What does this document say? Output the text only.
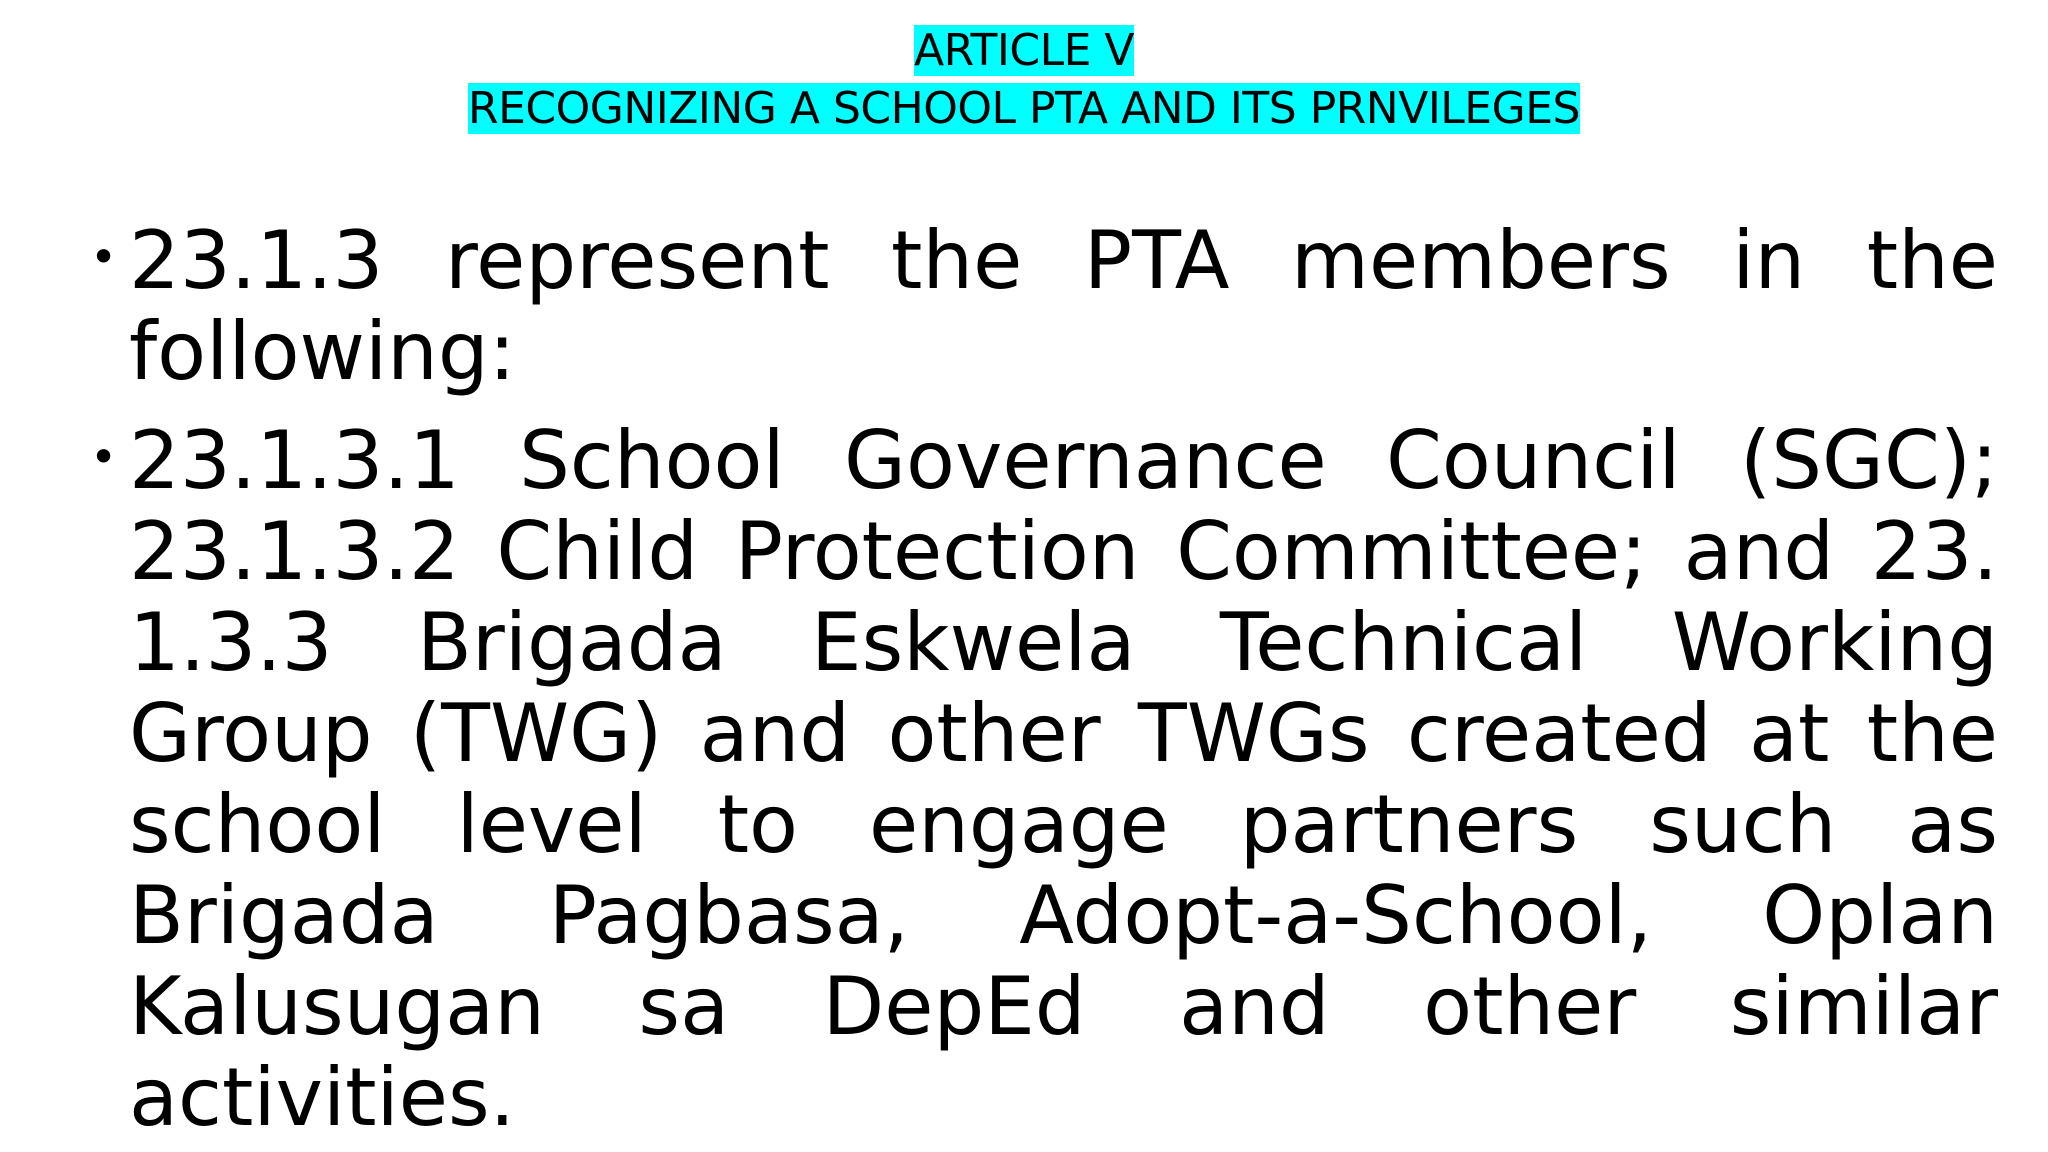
ARTICLE V
RECOGNIZING A SCHOOL PTA AND ITS PRNVILEGES
• 23.1.3 represent the PTA members in the following:
• 23.1.3.1 School Governance Council (SGC); 23.1.3.2 Child Protection Committee; and 23. 1.3.3 Brigada Eskwela Technical Working Group (TWG) and other TWGs created at the school level to engage partners such as Brigada Pagbasa, Adopt-a-School, Oplan Kalusugan sa DepEd and other similar activities.
